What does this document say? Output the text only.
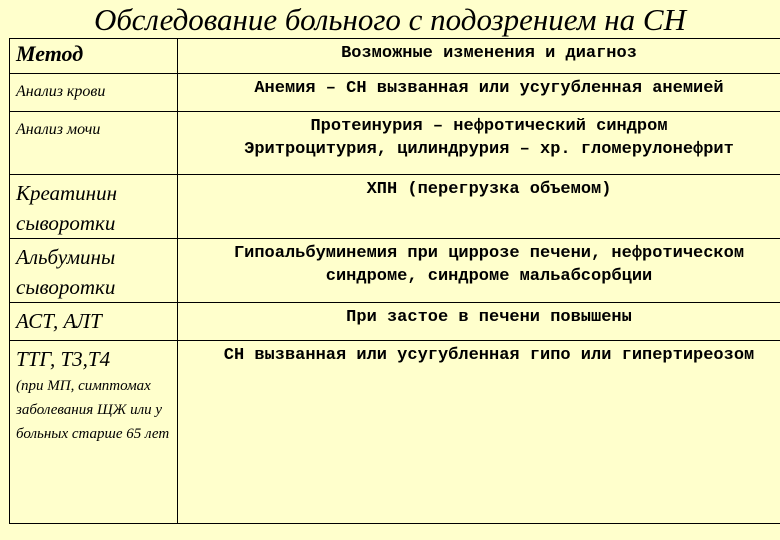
Обследование больного с подозрением на СН
Метод	Возможные изменения и диагноз
Анализ крови	Анемия – СН вызванная или усугубленная анемией

Анализ мочи	Протеинурия – нефротический синдром
Эритроцитурия, цилиндрурия – хр. гломерулонефрит

Креатинин
сыворотки	ХПН (перегрузка объемом)

Альбумины
сыворотки	Гипоальбуминемия при циррозе печени, нефротическом
синдроме, синдроме мальабсорбции

АСТ, АЛТ	При застое в печени повышены

ТТГ, Т3,Т4
(при МП, симптомах заболевания ЩЖ или у больных старше 65 лет	СН вызванная или усугубленная гипо или гипертиреозом
